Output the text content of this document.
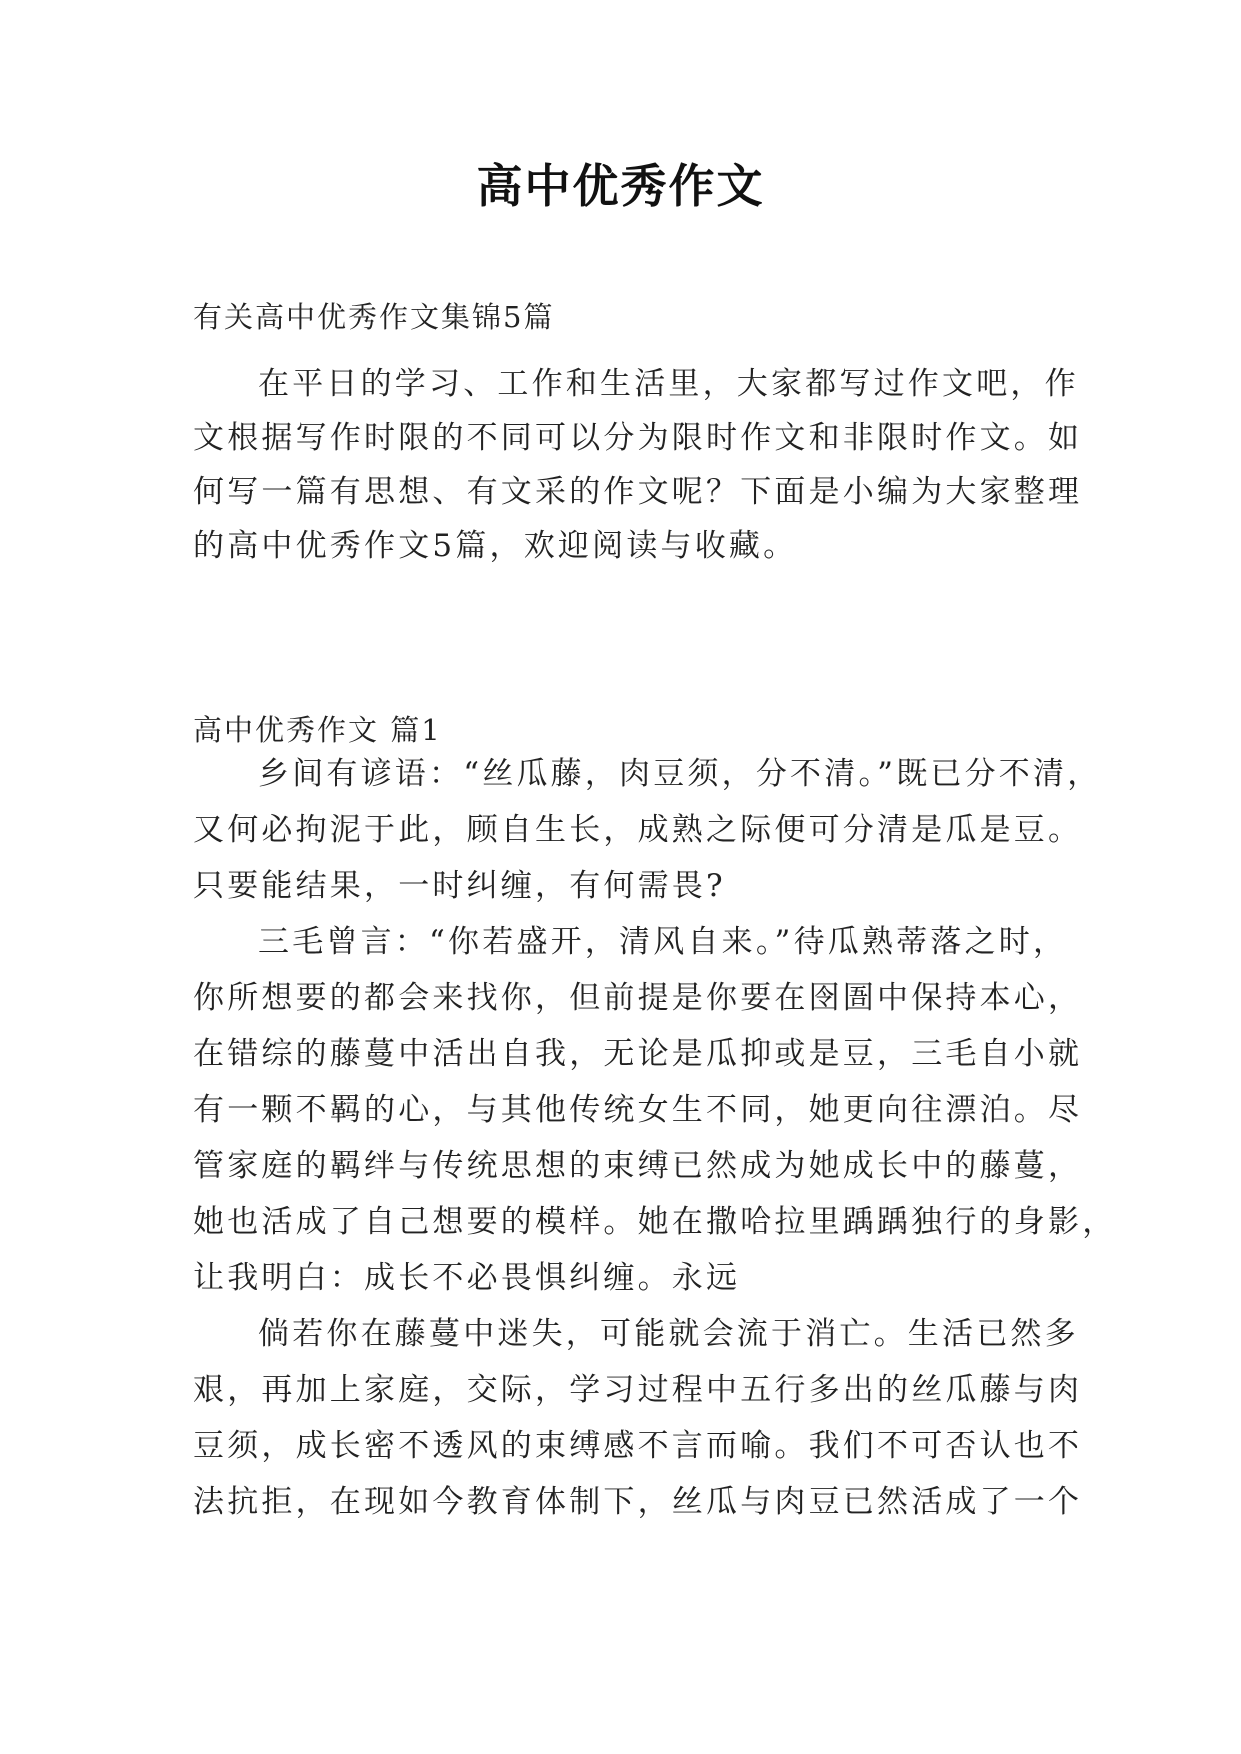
高中优秀作文

有关高中优秀作文集锦5篇

在平日的学习、工作和生活里，大家都写过作文吧，作

文根据写作时限的不同可以分为限时作文和非限时作文。如

何写一篇有思想、有文采的作文呢？下面是小编为大家整理

的高中优秀作文5篇，欢迎阅读与收藏。

高中优秀作文 篇1

乡间有谚语：“丝瓜藤，肉豆须，分不清。”既已分不清，

又何必拘泥于此，顾自生长，成熟之际便可分清是瓜是豆。

只要能结果，一时纠缠，有何需畏?

三毛曾言：“你若盛开，清风自来。”待瓜熟蒂落之时，

你所想要的都会来找你，但前提是你要在囹圄中保持本心，

在错综的藤蔓中活出自我，无论是瓜抑或是豆，三毛自小就

有一颗不羁的心，与其他传统女生不同，她更向往漂泊。尽

管家庭的羁绊与传统思想的束缚已然成为她成长中的藤蔓，

她也活成了自己想要的模样。她在撒哈拉里踽踽独行的身影，

让我明白：成长不必畏惧纠缠。永远

倘若你在藤蔓中迷失，可能就会流于消亡。生活已然多

艰，再加上家庭，交际，学习过程中五行多出的丝瓜藤与肉

豆须，成长密不透风的束缚感不言而喻。我们不可否认也不

法抗拒，在现如今教育体制下，丝瓜与肉豆已然活成了一个
